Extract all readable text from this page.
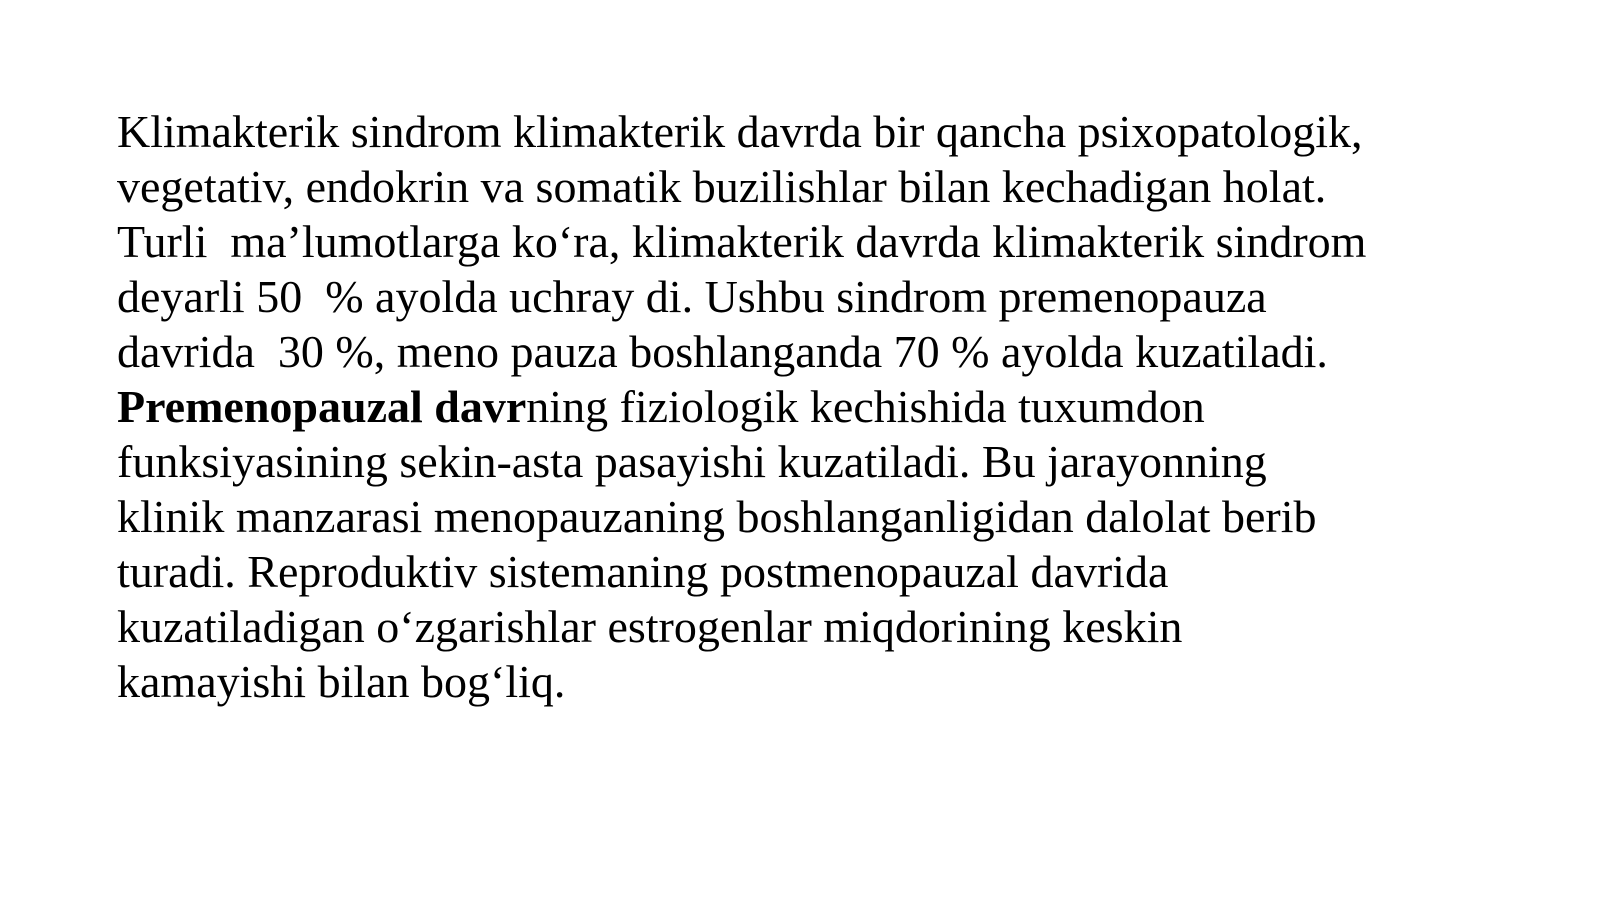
Klimakterik sindrom klimakterik davrda bir qancha psixopatologik,
vegetativ, endokrin va somatik buzilishlar bilan kechadigan holat.
Turli  ma’lumotlarga ko‘ra, klimakterik davrda klimakterik sindrom
deyarli 50  % ayolda uchray di. Ushbu sindrom premenopauza
davrida  30 %, meno pauza boshlanganda 70 % ayolda kuzatiladi.
Premenopauzal davrning fiziologik kechishida tuxumdon
funksiyasining sekin-asta pasayishi kuzatiladi. Bu jarayonning
klinik manzarasi menopauzaning boshlanganligidan dalolat berib
turadi. Reproduktiv sistemaning postmenopauzal davrida
kuzatiladigan o‘zgarishlar estrogenlar miqdorining keskin
kamayishi bilan bog‘liq.
